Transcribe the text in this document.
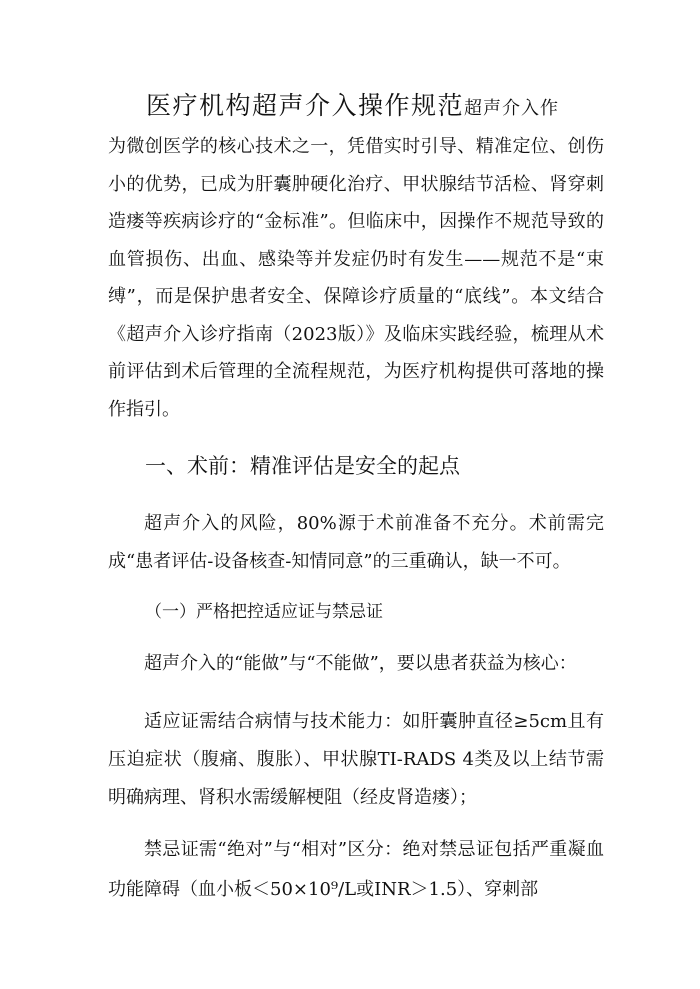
医疗机构超声介入操作规范超声介入作

为微创医学的核心技术之一，凭借实时引导、精准定位、创伤小的优势，已成为肝囊肿硬化治疗、甲状腺结节活检、肾穿刺造瘘等疾病诊疗的“金标准”。但临床中，因操作不规范导致的血管损伤、出血、感染等并发症仍时有发生——规范不是“束缚”，而是保护患者安全、保障诊疗质量的“底线”。本文结合《超声介入诊疗指南（2023版）》及临床实践经验，梳理从术前评估到术后管理的全流程规范，为医疗机构提供可落地的操作指引。

一、术前：精准评估是安全的起点

超声介入的风险，80%源于术前准备不充分。术前需完成“患者评估-设备核查-知情同意”的三重确认，缺一不可。

（一）严格把控适应证与禁忌证

超声介入的“能做”与“不能做”，要以患者获益为核心：

适应证需结合病情与技术能力：如肝囊肿直径≥5cm且有压迫症状（腹痛、腹胀）、甲状腺TI-RADS 4类及以上结节需明确病理、肾积水需缓解梗阻（经皮肾造瘘）；

禁忌证需“绝对”与“相对”区分：绝对禁忌证包括严重凝血功能障碍（血小板＜50×10⁹/L或INR＞1.5）、穿刺部
